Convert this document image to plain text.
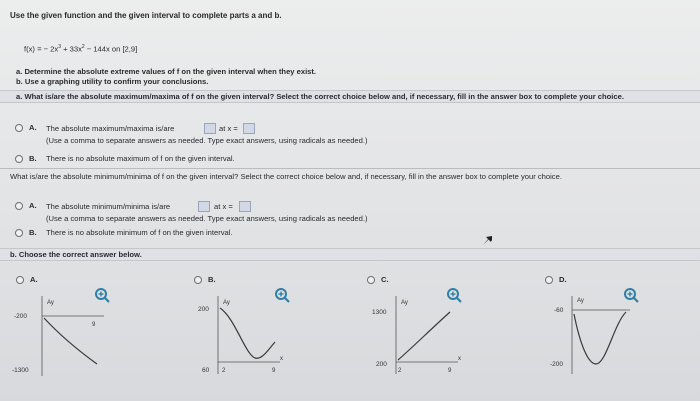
Use the given function and the given interval to complete parts a and b.
f(x) = − $2x^3 + 33x^2 - 144x$ on [2,9]
a. Determine the absolute extreme values of f on the given interval when they exist.
b. Use a graphing utility to confirm your conclusions.
a. What is/are the absolute maximum/maxima of f on the given interval? Select the correct choice below and, if necessary, fill in the answer box to complete your choice.
A. The absolute maximum/maxima is/are	at x =
(Use a comma to separate answers as needed. Type exact answers, using radicals as needed.)
B. There is no absolute maximum of f on the given interval.
What is/are the absolute minimum/minima of f on the given interval? Select the correct choice below and, if necessary, fill in the answer box to complete your choice.
A. The absolute minimum/minima is/are	at x =
(Use a comma to separate answers as needed. Type exact answers, using radicals as needed.)
B. There is no absolute minimum of f on the given interval.
b. Choose the correct answer below.
A.
Ay
-200
-1300
9
B.
Ay
200
60 2	9
x
C.
Ay
1300
200
2	9
x
D.
Ay
-60
-200
